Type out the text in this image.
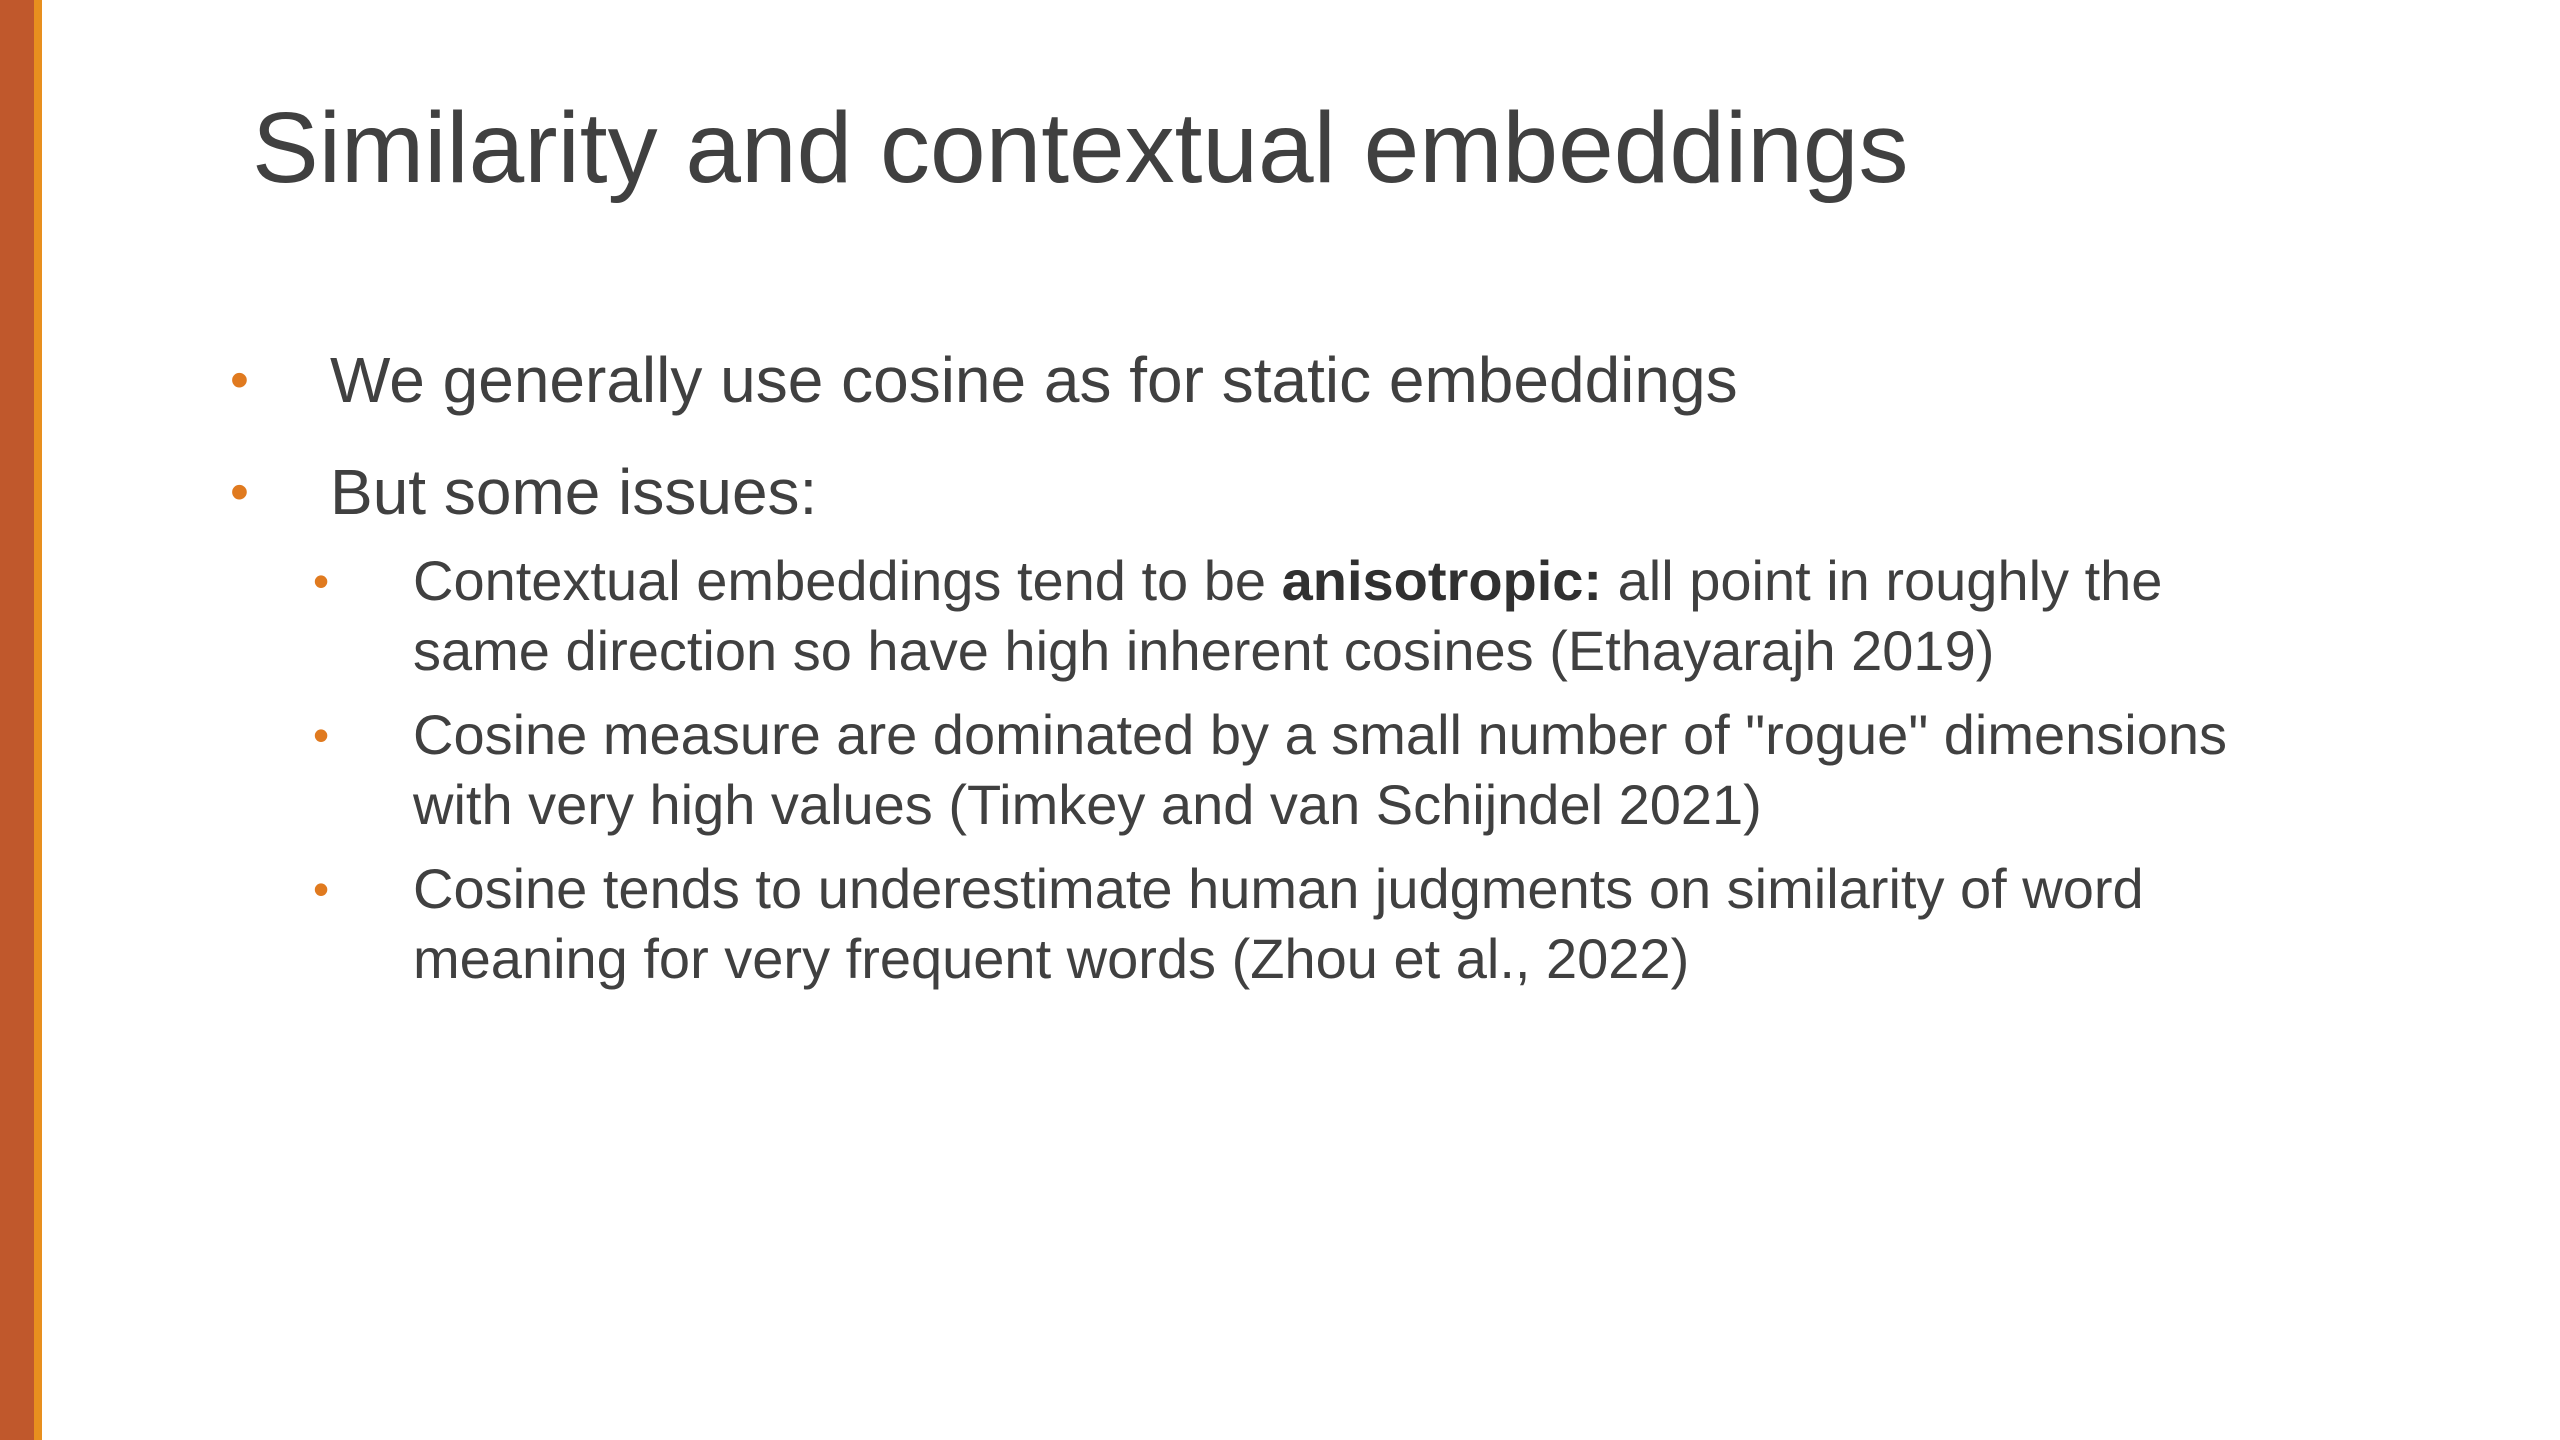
Similarity and contextual embeddings
• We generally use cosine as for static embeddings
• But some issues:
• Contextual embeddings tend to be anisotropic: all point in roughly the
same direction so have high inherent cosines (Ethayarajh 2019)
• Cosine measure are dominated by a small number of "rogue" dimensions
with very high values (Timkey and van Schijndel 2021)
• Cosine tends to underestimate human judgments on similarity of word
meaning for very frequent words (Zhou et al., 2022)
